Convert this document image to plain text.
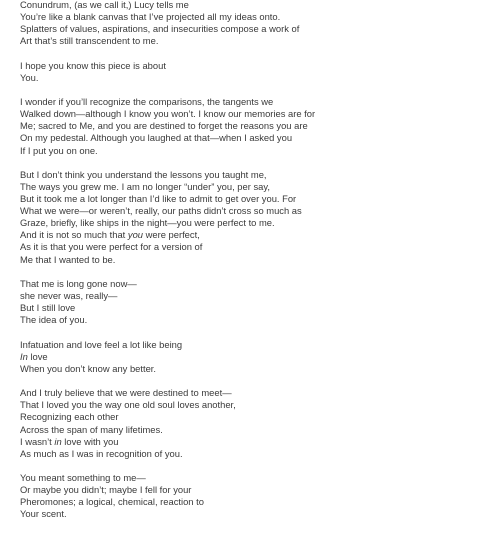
Conundrum, (as we call it,) Lucy tells me
You’re like a blank canvas that I’ve projected all my ideas onto.
Splatters of values, aspirations, and insecurities compose a work of
Art that’s still transcendent to me.
I hope you know this piece is about
You.
I wonder if you’ll recognize the comparisons, the tangents we
Walked down—although I know you won’t. I know our memories are for
Me; sacred to Me, and you are destined to forget the reasons you are
On my pedestal. Although you laughed at that—when I asked you
If I put you on one.
But I don’t think you understand the lessons you taught me,
The ways you grew me. I am no longer “under” you, per say,
But it took me a lot longer than I’d like to admit to get over you. For
What we were—or weren’t, really, our paths didn’t cross so much as
Graze, briefly, like ships in the night—you were perfect to me.
And it is not so much that you were perfect,
As it is that you were perfect for a version of
Me that I wanted to be.
That me is long gone now—
she never was, really—
But I still love
The idea of you.
Infatuation and love feel a lot like being
In love
When you don’t know any better.
And I truly believe that we were destined to meet—
That I loved you the way one old soul loves another,
Recognizing each other
Across the span of many lifetimes.
I wasn’t in love with you
As much as I was in recognition of you.
You meant something to me—
Or maybe you didn’t; maybe I fell for your
Pheromones; a logical, chemical, reaction to
Your scent.
